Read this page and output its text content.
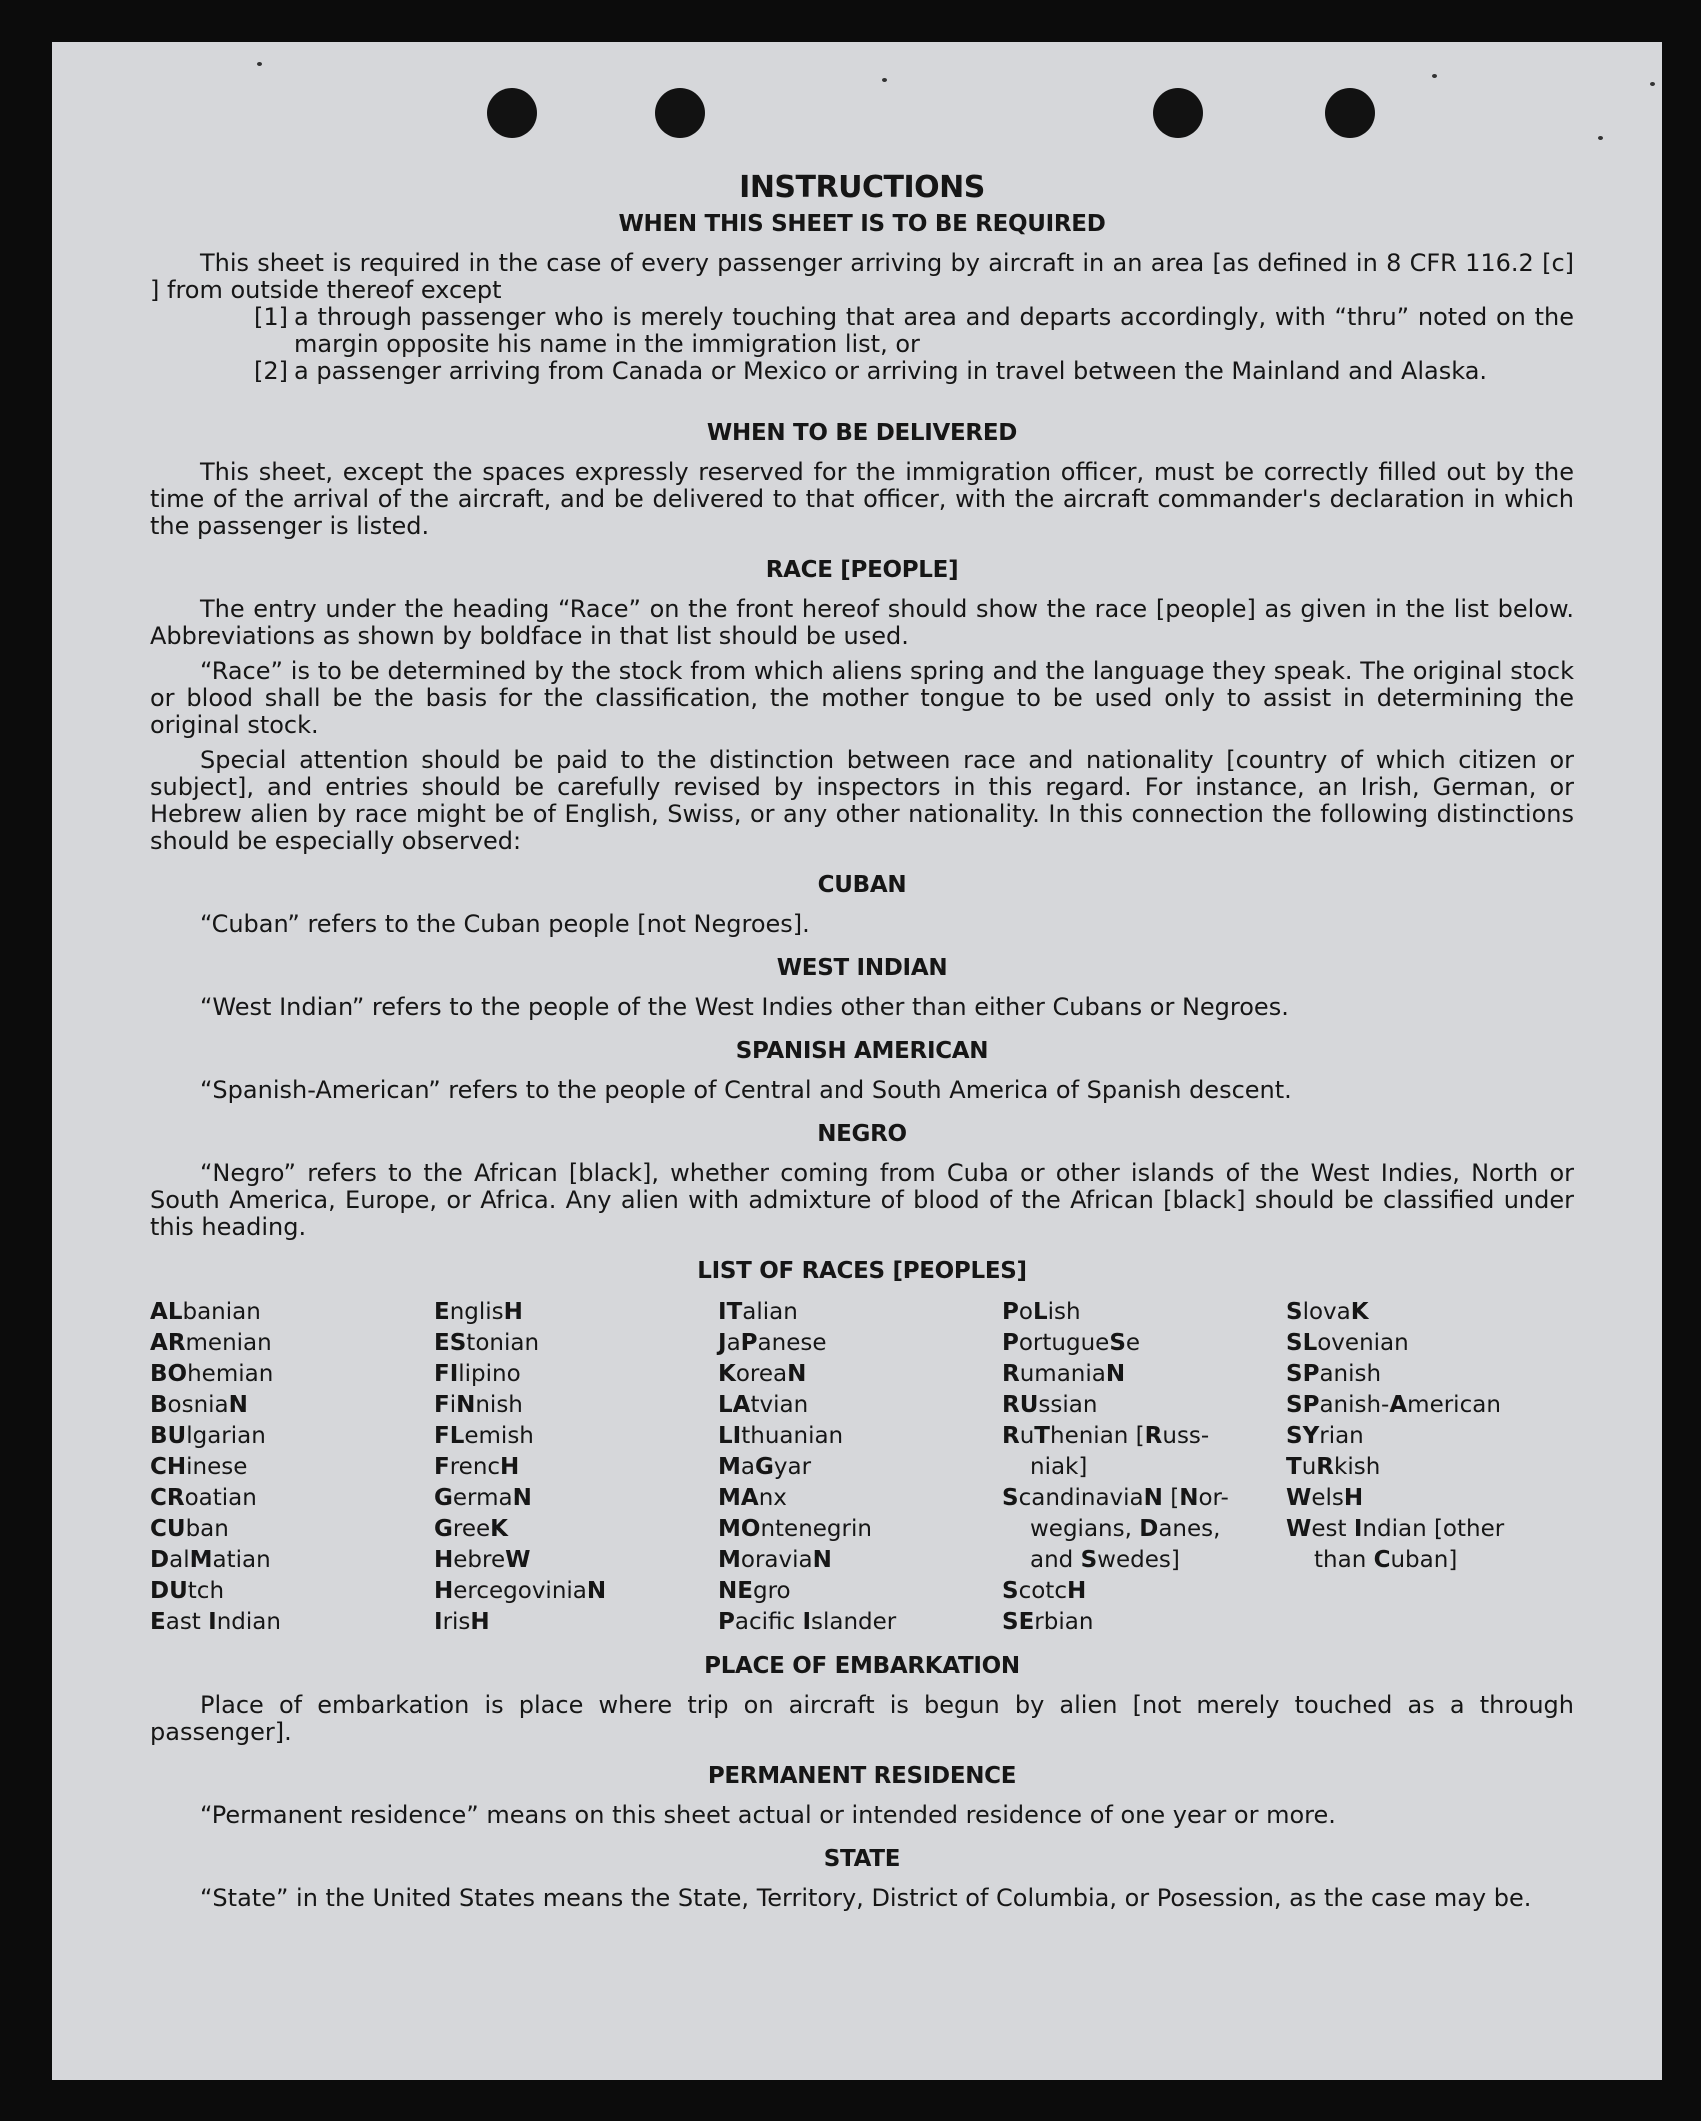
INSTRUCTIONS
WHEN THIS SHEET IS TO BE REQUIRED

This sheet is required in the case of every passenger arriving by aircraft in an area [as defined in 8 CFR 116.2 [c] ] from outside thereof except

[1] a through passenger who is merely touching that area and departs accordingly, with “thru” noted on the margin opposite his name in the immigration list, or
[2] a passenger arriving from Canada or Mexico or arriving in travel between the Mainland and Alaska.
WHEN TO BE DELIVERED

This sheet, except the spaces expressly reserved for the immigration officer, must be correctly filled out by the time of the arrival of the aircraft, and be delivered to that officer, with the aircraft commander's declaration in which the passenger is listed.

RACE [PEOPLE]

The entry under the heading “Race” on the front hereof should show the race [people] as given in the list below. Abbreviations as shown by boldface in that list should be used.

“Race” is to be determined by the stock from which aliens spring and the language they speak. The original stock or blood shall be the basis for the classification, the mother tongue to be used only to assist in determining the original stock.

Special attention should be paid to the distinction between race and nationality [country of which citizen or subject], and entries should be carefully revised by inspectors in this regard. For instance, an Irish, German, or Hebrew alien by race might be of English, Swiss, or any other nationality. In this connection the following distinctions should be especially observed:

CUBAN

“Cuban” refers to the Cuban people [not Negroes].

WEST INDIAN

“West Indian” refers to the people of the West Indies other than either Cubans or Negroes.

SPANISH AMERICAN

“Spanish-American” refers to the people of Central and South America of Spanish descent.

NEGRO

“Negro” refers to the African [black], whether coming from Cuba or other islands of the West Indies, North or South America, Europe, or Africa. Any alien with admixture of blood of the African [black] should be classified under this heading.

LIST OF RACES [PEOPLES]
ALbanian
ARmenian
BOhemian
BosniaN
BUlgarian
CHinese
CRoatian
CUban
DalMatian
DUtch
East Indian
EnglisH
EStonian
FIlipino
FiNnish
FLemish
FrencH
GermaN
GreeK
HebreW
HercegoviniaN
IrisH
ITalian
JaPanese
KoreaN
LAtvian
LIthuanian
MaGyar
MAnx
MOntenegrin
MoraviaN
NEgro
Pacific Islander
PoLish
PortugueSe
RumaniaN
RUssian
RuThenian [Russ-
niak]
ScandinaviaN [Nor-
wegians, Danes,
and Swedes]
ScotcH
SErbian
SlovaK
SLovenian
SPanish
SPanish-American
SYrian
TuRkish
WelsH
West Indian [other
than Cuban]
PLACE OF EMBARKATION

Place of embarkation is place where trip on aircraft is begun by alien [not merely touched as a through passenger].

PERMANENT RESIDENCE

“Permanent residence” means on this sheet actual or intended residence of one year or more.

STATE

“State” in the United States means the State, Territory, District of Columbia, or Posession, as the case may be.
